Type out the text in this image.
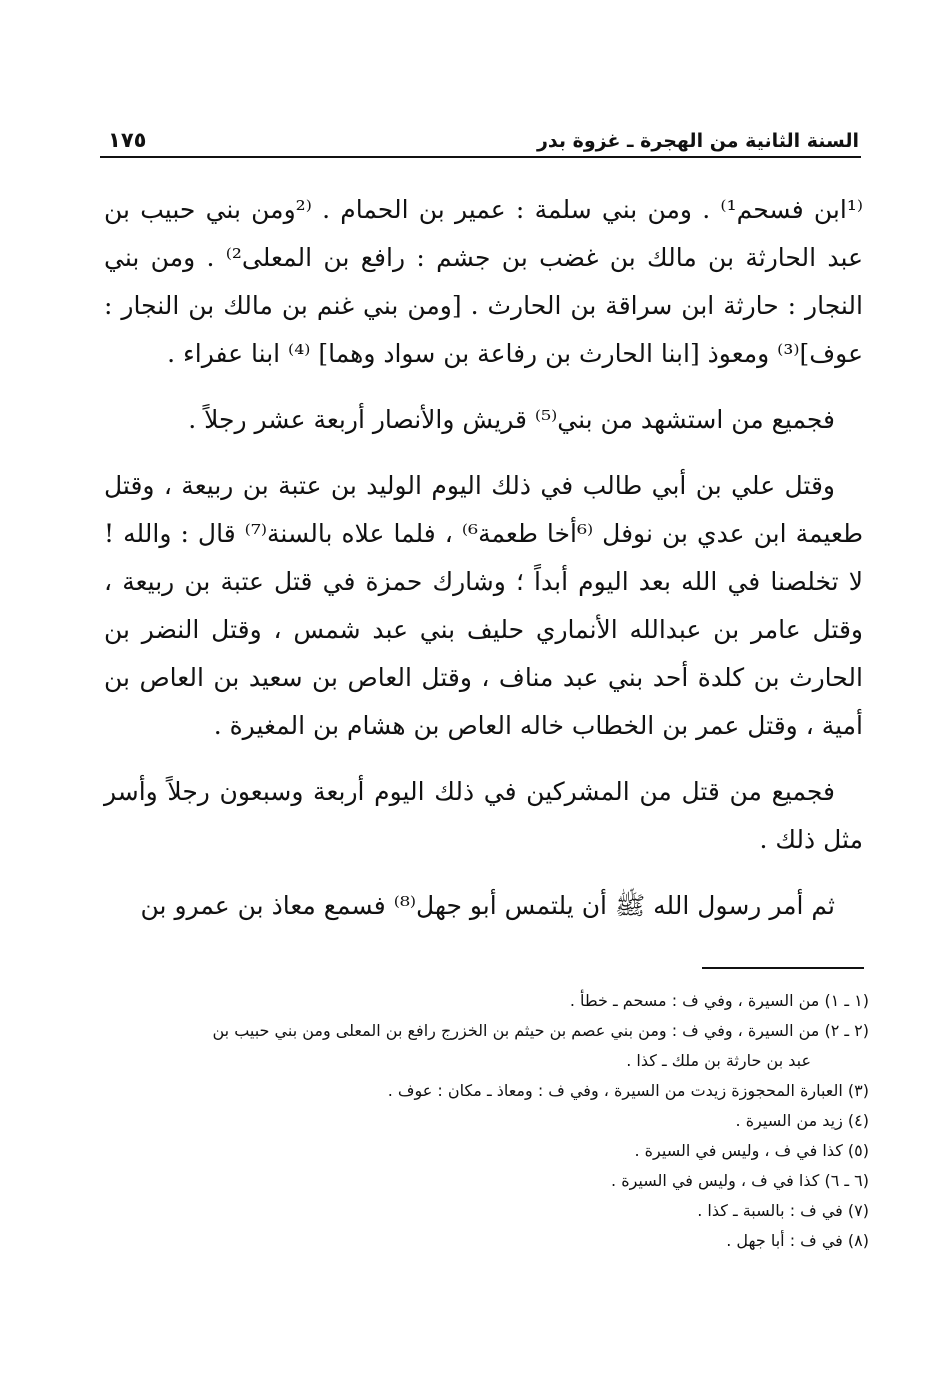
السنة الثانية من الهجرة ـ غزوة بدر
١٧٥

⁽¹ابن فسحم¹⁾ . ومن بني سلمة : عمير بن الحمام . ⁽²ومن بني حبيب بن عبد الحارثة بن مالك بن غضب بن جشم : رافع بن المعلى²⁾ . ومن بني النجار : حارثة ابن سراقة بن الحارث . [ومن بني غنم بن مالك بن النجار : عوف]⁽³⁾ ومعوذ [ابنا الحارث بن رفاعة بن سواد وهما] ⁽⁴⁾ ابنا عفراء .

فجميع من استشهد من بني⁽⁵⁾ قريش والأنصار أربعة عشر رجلاً .

وقتل علي بن أبي طالب في ذلك اليوم الوليد بن عتبة بن ربيعة ، وقتل طعيمة ابن عدي بن نوفل ⁽⁶أخا طعمة⁶⁾ ، فلما علاه بالسنة⁽⁷⁾ قال : والله ! لا تخلصنا في الله بعد اليوم أبداً ؛ وشارك حمزة في قتل عتبة بن ربيعة ، وقتل عامر بن عبدالله الأنماري حليف بني عبد شمس ، وقتل النضر بن الحارث بن كلدة أحد بني عبد مناف ، وقتل العاص بن سعيد بن العاص بن أمية ، وقتل عمر بن الخطاب خاله العاص بن هشام بن المغيرة .

فجميع من قتل من المشركين في ذلك اليوم أربعة وسبعون رجلاً وأسر مثل ذلك .

ثم أمر رسول الله ﷺ أن يلتمس أبو جهل⁽⁸⁾ فسمع معاذ بن عمرو بن

(١ ـ ١) من السيرة ، وفي ف : مسحم ـ خطأ .

(٢ ـ ٢) من السيرة ، وفي ف : ومن بني عصم بن حيثم بن الخزرج رافع بن المعلى ومن بني حبيب بن

عبد بن حارثة بن ملك ـ كذا .

(٣) العبارة المحجوزة زيدت من السيرة ، وفي ف : ومعاذ ـ مكان : عوف .

(٤) زيد من السيرة .

(٥) كذا في ف ، وليس في السيرة .

(٦ ـ ٦) كذا في ف ، وليس في السيرة .

(٧) في ف : بالسبة ـ كذا .

(٨) في ف : أبا جهل .
